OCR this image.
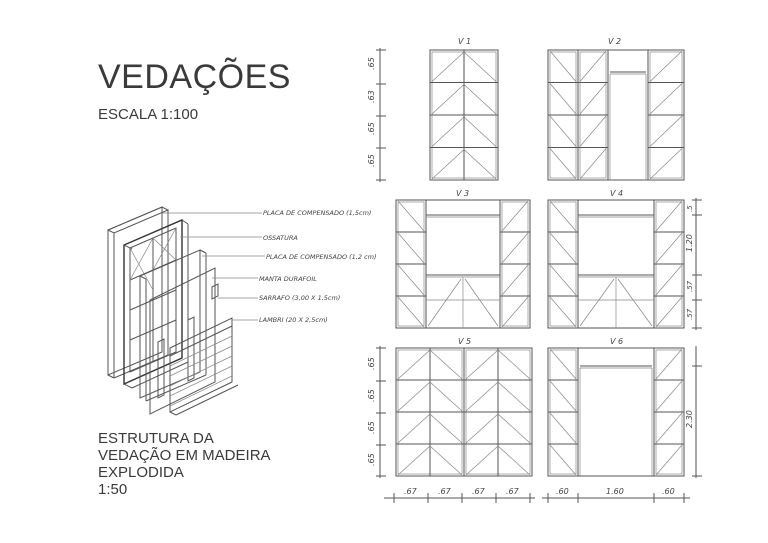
VEDAÇÕES
ESCALA 1:100
ESTRUTURA DA
VEDAÇÃO EM MADEIRA
EXPLODIDA
1:50
PLACA DE COMPENSADO (1,5cm)
OSSATURA
PLACA DE COMPENSADO (1,2 cm)
MANTA DURAFOIL
SARRAFO (3,00 X 1,5cm)
LAMBRI (20 X 2,5cm)
V 1	V 2
V 3	V 4
V 5	V 6
.65
.63
.65
.65
.5
1.20
.57
.57
.65
.65
.65
.65
2.30
.67	.67	.67	.67	.60	1.60	.60
